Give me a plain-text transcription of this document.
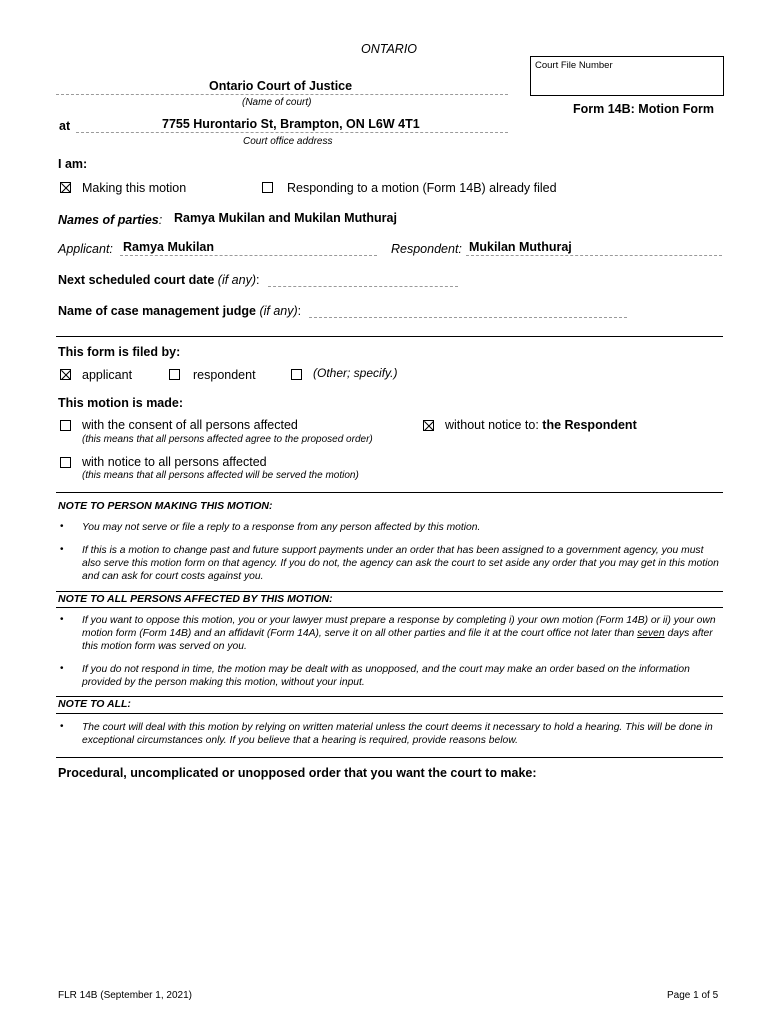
ONTARIO
Court File Number
Ontario Court of Justice
(Name of court)	Form 14B: Motion Form
at	7755 Hurontario St, Brampton, ON L6W 4T1
Court office address
I am:
Making this motion	Responding to a motion (Form 14B) already filed
Names of parties: Ramya Mukilan and Mukilan Muthuraj
Applicant: Ramya Mukilan	Respondent: Mukilan Muthuraj
Next scheduled court date (if any):
Name of case management judge (if any):
This form is filed by:
applicant	respondent	(Other; specify.)
This motion is made:
with the consent of all persons affected
(this means that all persons affected agree to the proposed order)
without notice to: the Respondent
with notice to all persons affected
(this means that all persons affected will be served the motion)
NOTE TO PERSON MAKING THIS MOTION:
• You may not serve or file a reply to a response from any person affected by this motion.
• If this is a motion to change past and future support payments under an order that has been assigned to a government agency, you must also serve this motion form on that agency. If you do not, the agency can ask the court to set aside any order that you may get in this motion and can ask for court costs against you.
NOTE TO ALL PERSONS AFFECTED BY THIS MOTION:
• If you want to oppose this motion, you or your lawyer must prepare a response by completing i) your own motion (Form 14B) or ii) your own motion form (Form 14B) and an affidavit (Form 14A), serve it on all other parties and file it at the court office not later than seven days after this motion form was served on you.
• If you do not respond in time, the motion may be dealt with as unopposed, and the court may make an order based on the information provided by the person making this motion, without your input.
NOTE TO ALL:
• The court will deal with this motion by relying on written material unless the court deems it necessary to hold a hearing. This will be done in exceptional circumstances only. If you believe that a hearing is required, provide reasons below.
Procedural, uncomplicated or unopposed order that you want the court to make:
FLR 14B (September 1, 2021)	Page 1 of 5
